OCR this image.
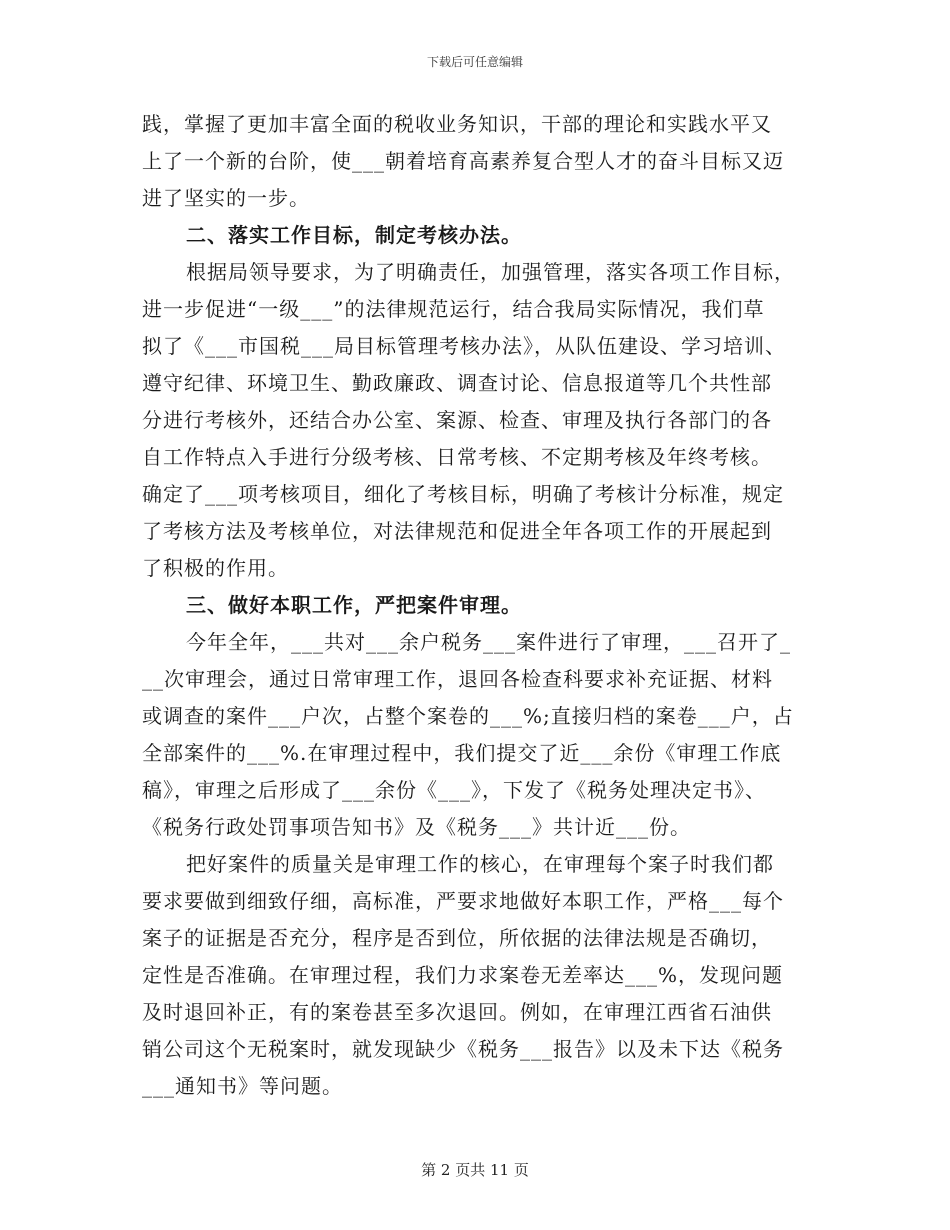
下载后可任意编辑
践，掌握了更加丰富全面的税收业务知识，干部的理论和实践水平又
上了一个新的台阶，使___朝着培育高素养复合型人才的奋斗目标又迈
进了坚实的一步。
二、落实工作目标，制定考核办法。
根据局领导要求，为了明确责任，加强管理，落实各项工作目标，
进一步促进“一级___”的法律规范运行，结合我局实际情况，我们草
拟了《___市国税___局目标管理考核办法》，从队伍建设、学习培训、
遵守纪律、环境卫生、勤政廉政、调查讨论、信息报道等几个共性部
分进行考核外，还结合办公室、案源、检查、审理及执行各部门的各
自工作特点入手进行分级考核、日常考核、不定期考核及年终考核。
确定了___项考核项目，细化了考核目标，明确了考核计分标准，规定
了考核方法及考核单位，对法律规范和促进全年各项工作的开展起到
了积极的作用。
三、做好本职工作，严把案件审理。
今年全年，___共对___余户税务___案件进行了审理，___召开了_
__次审理会，通过日常审理工作，退回各检查科要求补充证据、材料
或调查的案件___户次，占整个案卷的___%;直接归档的案卷___户，占
全部案件的___%.在审理过程中，我们提交了近___余份《审理工作底
稿》，审理之后形成了___余份《___》，下发了《税务处理决定书》、
《税务行政处罚事项告知书》及《税务___》共计近___份。
把好案件的质量关是审理工作的核心，在审理每个案子时我们都
要求要做到细致仔细，高标准，严要求地做好本职工作，严格___每个
案子的证据是否充分，程序是否到位，所依据的法律法规是否确切，
定性是否准确。在审理过程，我们力求案卷无差率达___%，发现问题
及时退回补正，有的案卷甚至多次退回。例如，在审理江西省石油供
销公司这个无税案时，就发现缺少《税务___报告》以及未下达《税务
___通知书》等问题。
第 2 页共 11 页
